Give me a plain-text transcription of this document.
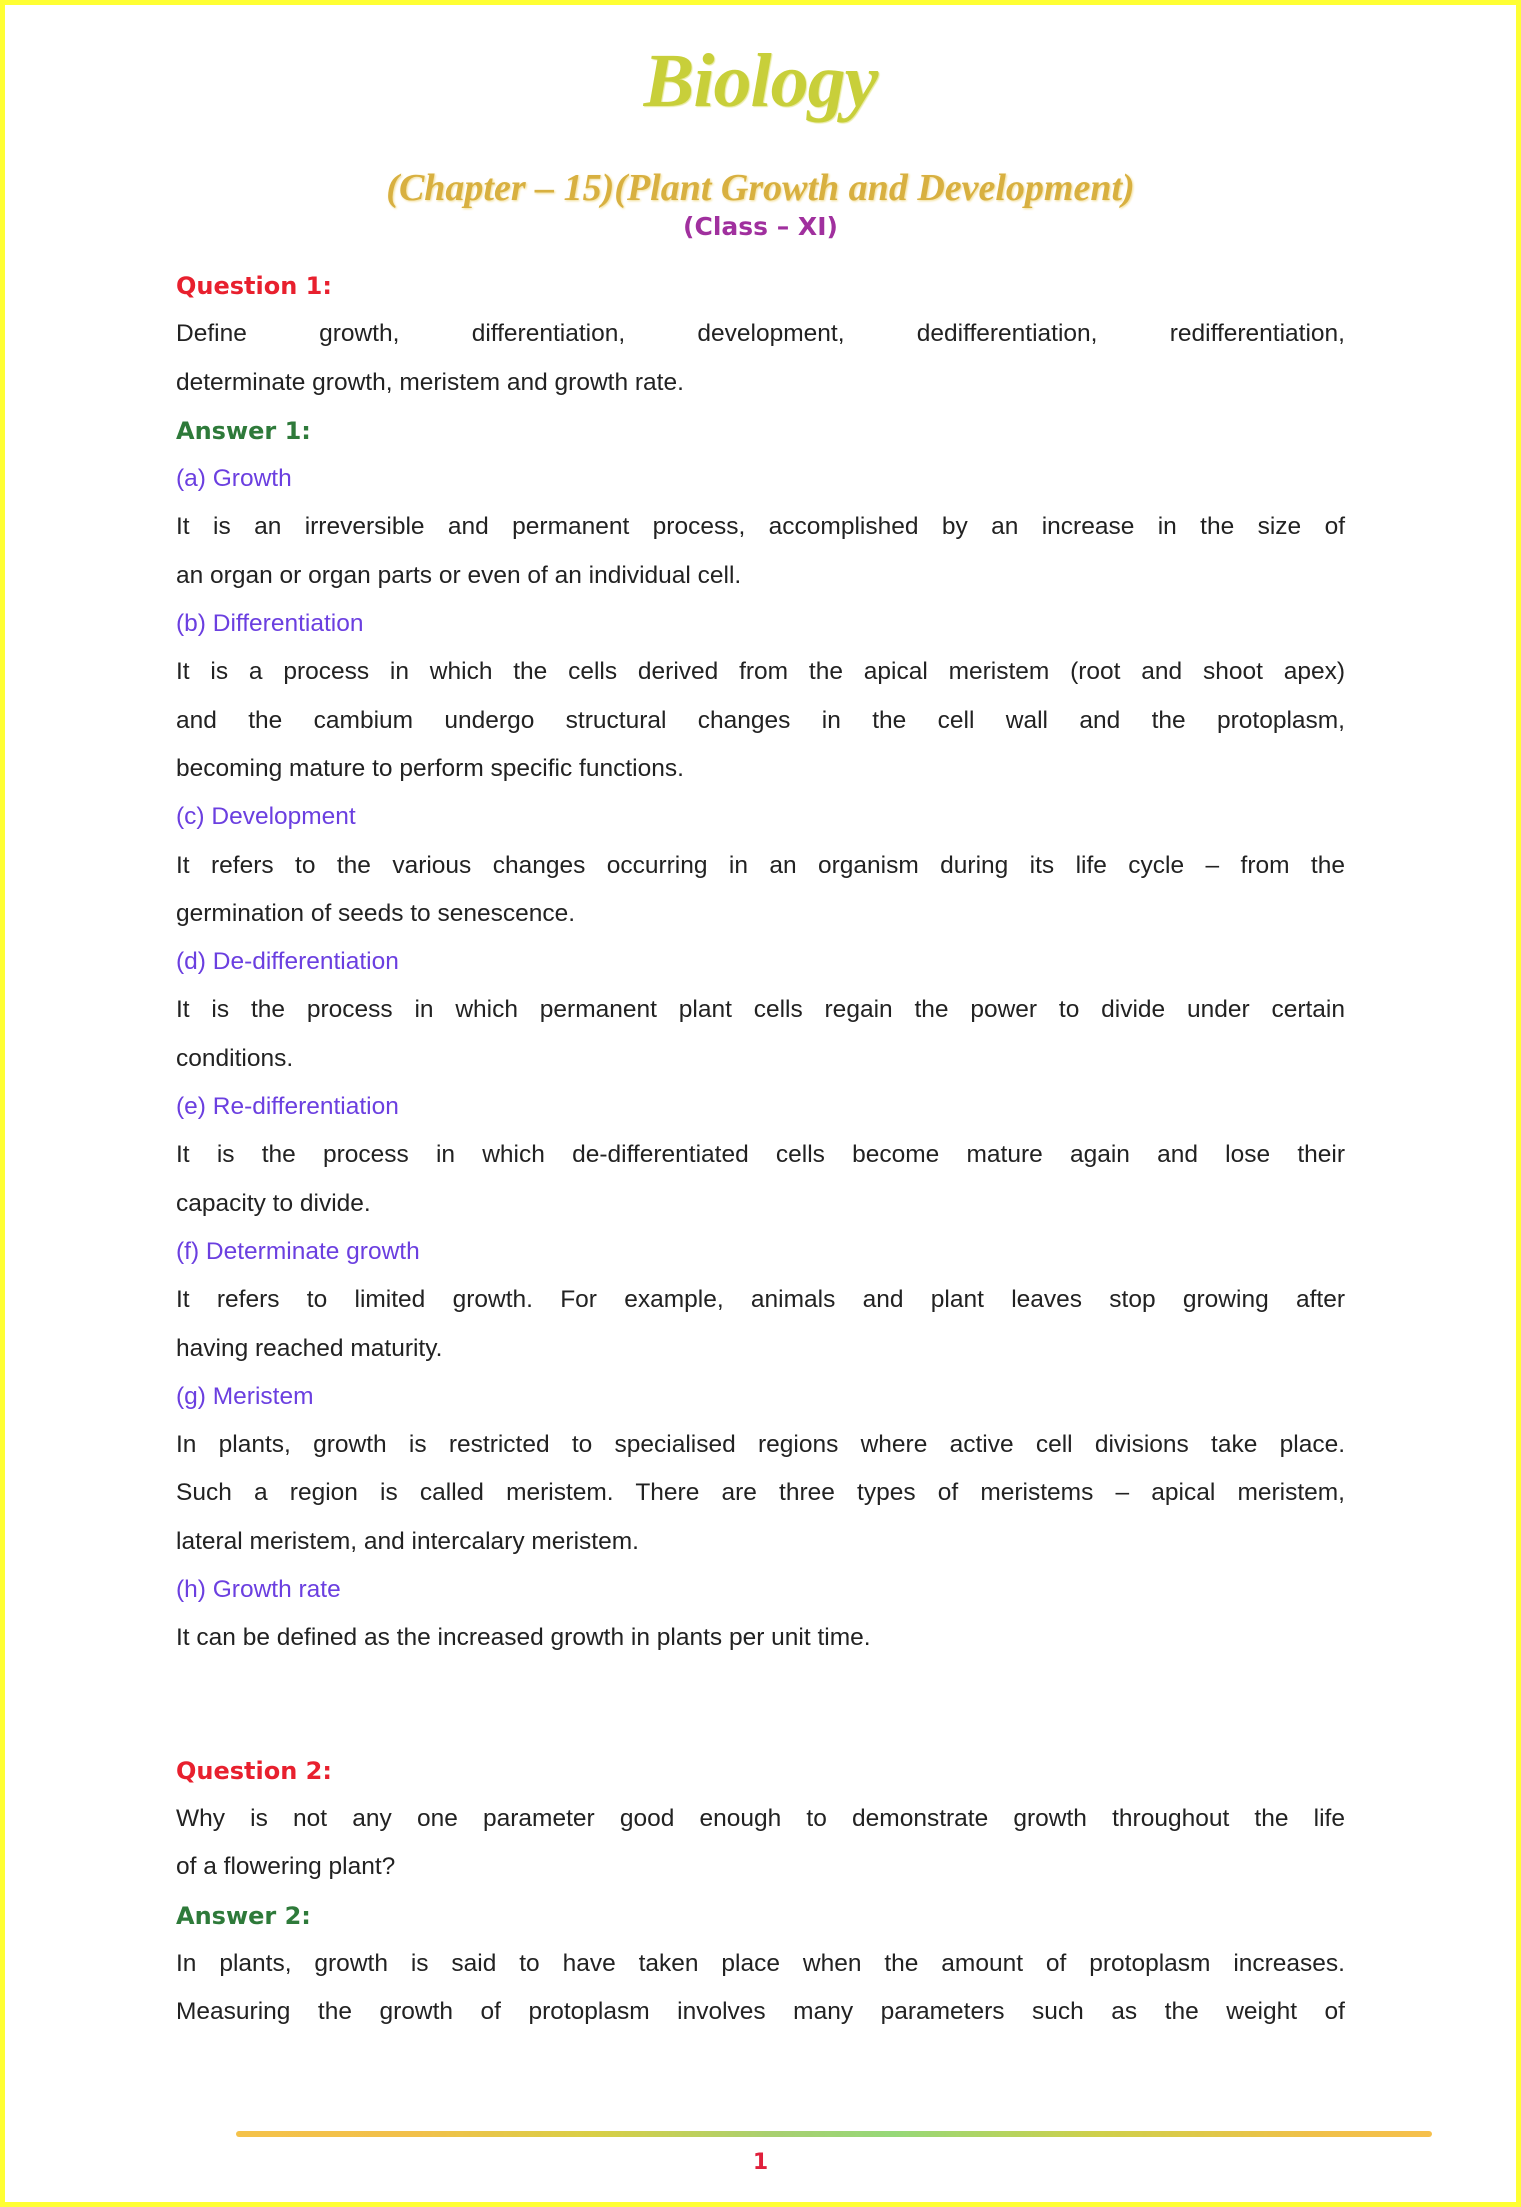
Biology
(Chapter – 15)(Plant Growth and Development)
(Class – XI)
Question 1:
Define growth, differentiation, development, dedifferentiation, redifferentiation,
determinate growth, meristem and growth rate.
Answer 1:
(a) Growth
It is an irreversible and permanent process, accomplished by an increase in the size of
an organ or organ parts or even of an individual cell.
(b) Differentiation
It is a process in which the cells derived from the apical meristem (root and shoot apex)
and the cambium undergo structural changes in the cell wall and the protoplasm,
becoming mature to perform specific functions.
(c) Development
It refers to the various changes occurring in an organism during its life cycle – from the
germination of seeds to senescence.
(d) De-differentiation
It is the process in which permanent plant cells regain the power to divide under certain
conditions.
(e) Re-differentiation
It is the process in which de-differentiated cells become mature again and lose their
capacity to divide.
(f) Determinate growth
It refers to limited growth. For example, animals and plant leaves stop growing after
having reached maturity.
(g) Meristem
In plants, growth is restricted to specialised regions where active cell divisions take place.
Such a region is called meristem. There are three types of meristems – apical meristem,
lateral meristem, and intercalary meristem.
(h) Growth rate
It can be defined as the increased growth in plants per unit time.
Question 2:
Why is not any one parameter good enough to demonstrate growth throughout the life
of a flowering plant?
Answer 2:
In plants, growth is said to have taken place when the amount of protoplasm increases.
Measuring the growth of protoplasm involves many parameters such as the weight of
1
